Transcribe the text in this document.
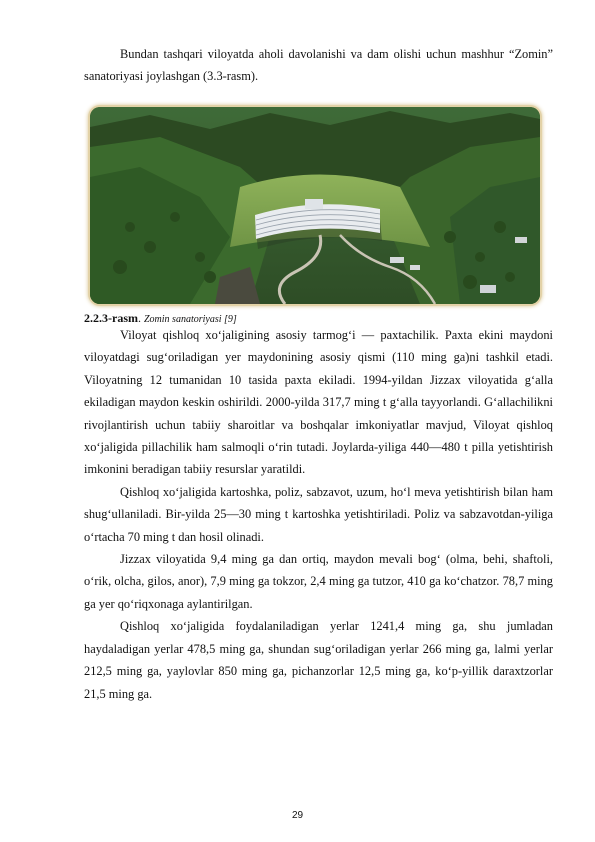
Bundan tashqari viloyatda aholi davolanishi va dam olishi uchun mashhur “Zomin” sanatoriyasi joylashgan (3.3-rasm).

2.2.3-rasm. Zomin sanatoriyasi [9]

Viloyat qishloq xo‘jaligining asosiy tarmog‘i — paxtachilik. Paxta ekini maydoni viloyatdagi sug‘oriladigan yer maydonining asosiy qismi (110 ming ga)ni tashkil etadi. Viloyatning 12 tumanidan 10 tasida paxta ekiladi. 1994-yildan Jizzax viloyatida g‘alla ekiladigan maydon keskin oshirildi. 2000-yilda 317,7 ming t g‘alla tayyorlandi. G‘allachilikni rivojlantirish uchun tabiiy sharoitlar va boshqalar imkoniyatlar mavjud, Viloyat qishloq xo‘jaligida pillachilik ham salmoqli o‘rin tutadi. Joylarda-yiliga 440—480 t pilla yetishtirish imkonini beradigan tabiiy resurslar yaratildi.

Qishloq xo‘jaligida kartoshka, poliz, sabzavot, uzum, ho‘l meva yetishtirish bilan ham shug‘ullaniladi. Bir-yilda 25—30 ming t kartoshka yetishtiriladi. Poliz va sabzavotdan-yiliga o‘rtacha 70 ming t dan hosil olinadi.

Jizzax viloyatida 9,4 ming ga dan ortiq, maydon mevali bog‘ (olma, behi, shaftoli, o‘rik, olcha, gilos, anor), 7,9 ming ga tokzor, 2,4 ming ga tutzor, 410 ga ko‘chatzor. 78,7 ming ga yer qo‘riqxonaga aylantirilgan.

Qishloq xo‘jaligida foydalaniladigan yerlar 1241,4 ming ga, shu jumladan haydaladigan yerlar 478,5 ming ga, shundan sug‘oriladigan yerlar 266 ming ga, lalmi yerlar 212,5 ming ga, yaylovlar 850 ming ga, pichanzorlar 12,5 ming ga, ko‘p-yillik daraxtzorlar 21,5 ming ga.

29
